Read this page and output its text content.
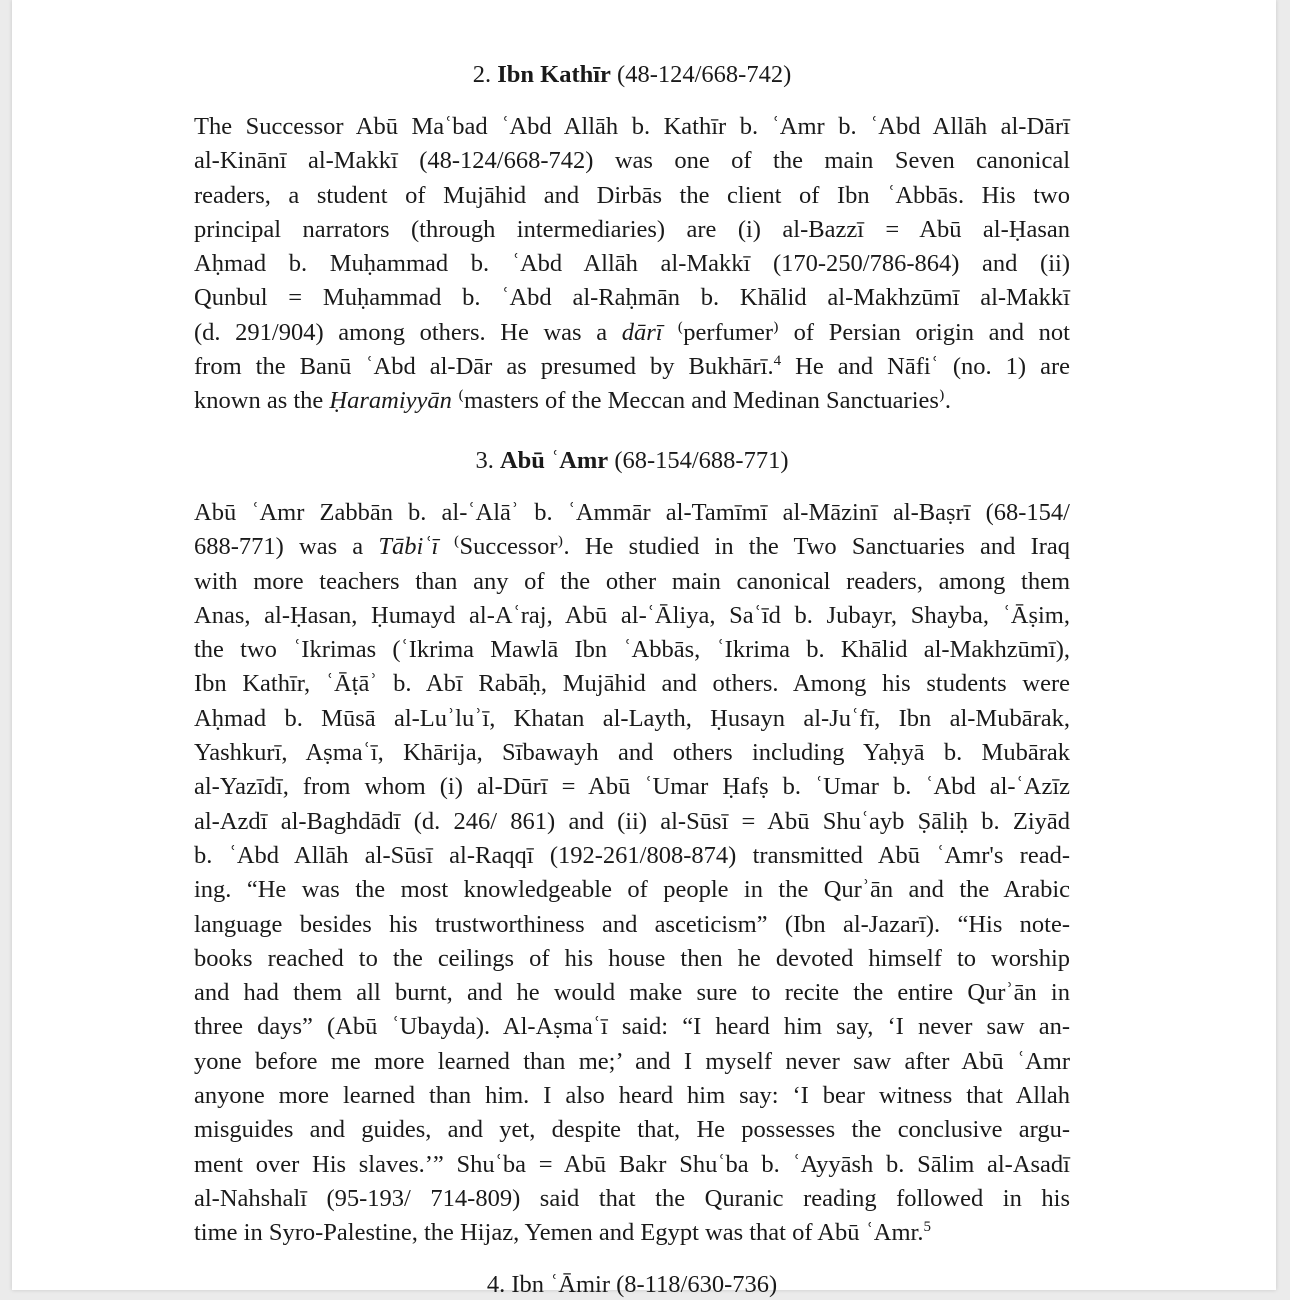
2. Ibn Kathīr (48-124/668-742)
The Successor Abū Maʿbad ʿAbd Allāh b. Kathīr b. ʿAmr b. ʿAbd Allāh al-Dārī
al-Kinānī al-Makkī (48-124/668-742) was one of the main Seven canonical
readers, a student of Mujāhid and Dirbās the client of Ibn ʿAbbās. His two
principal narrators (through intermediaries) are (i) al-Bazzī = Abū al-Ḥasan
Aḥmad b. Muḥammad b. ʿAbd Allāh al-Makkī (170-250/786-864) and (ii)
Qunbul = Muḥammad b. ʿAbd al-Raḥmān b. Khālid al-Makhzūmī al-Makkī
(d. 291/904) among others. He was a dārī ⁽perfumer⁾ of Persian origin and not
from the Banū ʿAbd al-Dār as presumed by Bukhārī.$^4$ He and Nāfiʿ (no. 1) are
known as the Ḥaramiyyān ⁽masters of the Meccan and Medinan Sanctuaries⁾.
3. Abū ʿAmr (68-154/688-771)
Abū ʿAmr Zabbān b. al-ʿAlāʾ b. ʿAmmār al-Tamīmī al-Māzinī al-Baṣrī (68-154/
688-771) was a Tābiʿī ⁽Successor⁾. He studied in the Two Sanctuaries and Iraq
with more teachers than any of the other main canonical readers, among them
Anas, al-Ḥasan, Ḥumayd al-Aʿraj, Abū al-ʿĀliya, Saʿīd b. Jubayr, Shayba, ʿĀṣim,
the two ʿIkrimas (ʿIkrima Mawlā Ibn ʿAbbās, ʿIkrima b. Khālid al-Makhzūmī),
Ibn Kathīr, ʿĀṭāʾ b. Abī Rabāḥ, Mujāhid and others. Among his students were
Aḥmad b. Mūsā al-Luʾluʾī, Khatan al-Layth, Ḥusayn al-Juʿfī, Ibn al-Mubārak,
Yashkurī, Aṣmaʿī, Khārija, Sībawayh and others including Yaḥyā b. Mubārak
al-Yazīdī, from whom (i) al-Dūrī = Abū ʿUmar Ḥafṣ b. ʿUmar b. ʿAbd al-ʿAzīz
al-Azdī al-Baghdādī (d. 246/ 861) and (ii) al-Sūsī = Abū Shuʿayb Ṣāliḥ b. Ziyād
b. ʿAbd Allāh al-Sūsī al-Raqqī (192-261/808-874) transmitted Abū ʿAmr's read-
ing. “He was the most knowledgeable of people in the Qurʾān and the Arabic
language besides his trustworthiness and asceticism” (Ibn al-Jazarī). “His note-
books reached to the ceilings of his house then he devoted himself to worship
and had them all burnt, and he would make sure to recite the entire Qurʾān in
three days” (Abū ʿUbayda). Al-Aṣmaʿī said: “I heard him say, ‘I never saw an-
yone before me more learned than me;’ and I myself never saw after Abū ʿAmr
anyone more learned than him. I also heard him say: ‘I bear witness that Allah
misguides and guides, and yet, despite that, He possesses the conclusive argu-
ment over His slaves.’” Shuʿba = Abū Bakr Shuʿba b. ʿAyyāsh b. Sālim al-Asadī
al-Nahshalī (95-193/ 714-809) said that the Quranic reading followed in his
time in Syro-Palestine, the Hijaz, Yemen and Egypt was that of Abū ʿAmr.$^5$
4. Ibn ʿĀmir (8-118/630-736)
